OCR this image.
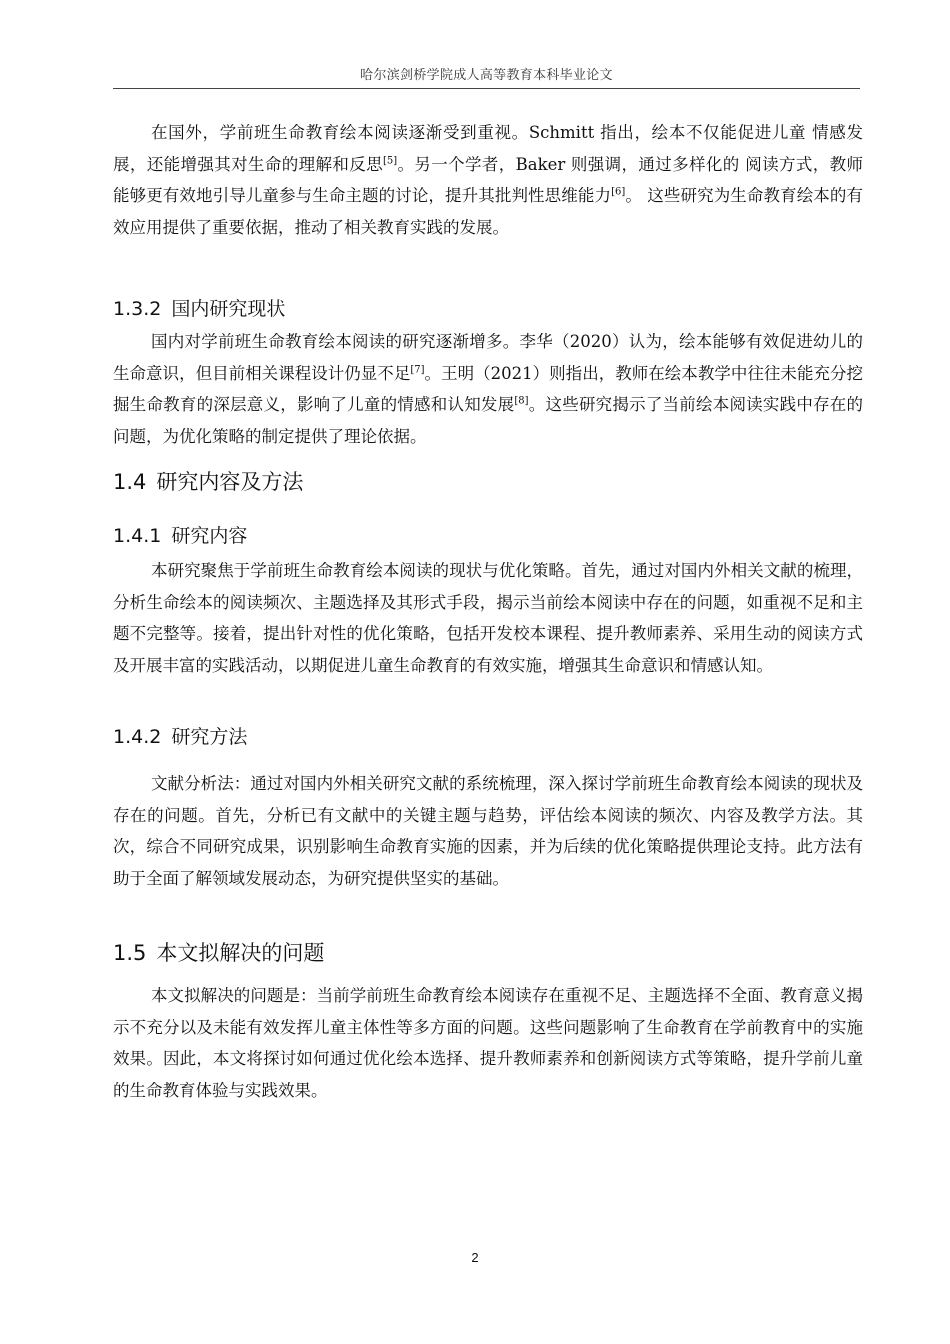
哈尔滨剑桥学院成人高等教育本科毕业论文

在国外，学前班生命教育绘本阅读逐渐受到重视。Schmitt 指出，绘本不仅能促进儿童 情感发展，还能增强其对生命的理解和反思[5]。另一个学者，Baker 则强调，通过多样化的 阅读方式，教师能够更有效地引导儿童参与生命主题的讨论，提升其批判性思维能力[6]。 这些研究为生命教育绘本的有效应用提供了重要依据，推动了相关教育实践的发展。

1.3.2 国内研究现状

国内对学前班生命教育绘本阅读的研究逐渐增多。李华（2020）认为，绘本能够有效促进幼儿的生命意识，但目前相关课程设计仍显不足[7]。王明（2021）则指出，教师在绘本教学中往往未能充分挖掘生命教育的深层意义，影响了儿童的情感和认知发展[8]。这些研究揭示了当前绘本阅读实践中存在的问题，为优化策略的制定提供了理论依据。

1.4 研究内容及方法
1.4.1 研究内容

本研究聚焦于学前班生命教育绘本阅读的现状与优化策略。首先，通过对国内外相关文献的梳理，分析生命绘本的阅读频次、主题选择及其形式手段，揭示当前绘本阅读中存在的问题，如重视不足和主题不完整等。接着，提出针对性的优化策略，包括开发校本课程、提升教师素养、采用生动的阅读方式及开展丰富的实践活动，以期促进儿童生命教育的有效实施，增强其生命意识和情感认知。

1.4.2 研究方法

文献分析法：通过对国内外相关研究文献的系统梳理，深入探讨学前班生命教育绘本阅读的现状及存在的问题。首先，分析已有文献中的关键主题与趋势，评估绘本阅读的频次、内容及教学方法。其次，综合不同研究成果，识别影响生命教育实施的因素，并为后续的优化策略提供理论支持。此方法有助于全面了解领域发展动态，为研究提供坚实的基础。

1.5 本文拟解决的问题

本文拟解决的问题是：当前学前班生命教育绘本阅读存在重视不足、主题选择不全面、教育意义揭示不充分以及未能有效发挥儿童主体性等多方面的问题。这些问题影响了生命教育在学前教育中的实施效果。因此，本文将探讨如何通过优化绘本选择、提升教师素养和创新阅读方式等策略，提升学前儿童的生命教育体验与实践效果。

2
